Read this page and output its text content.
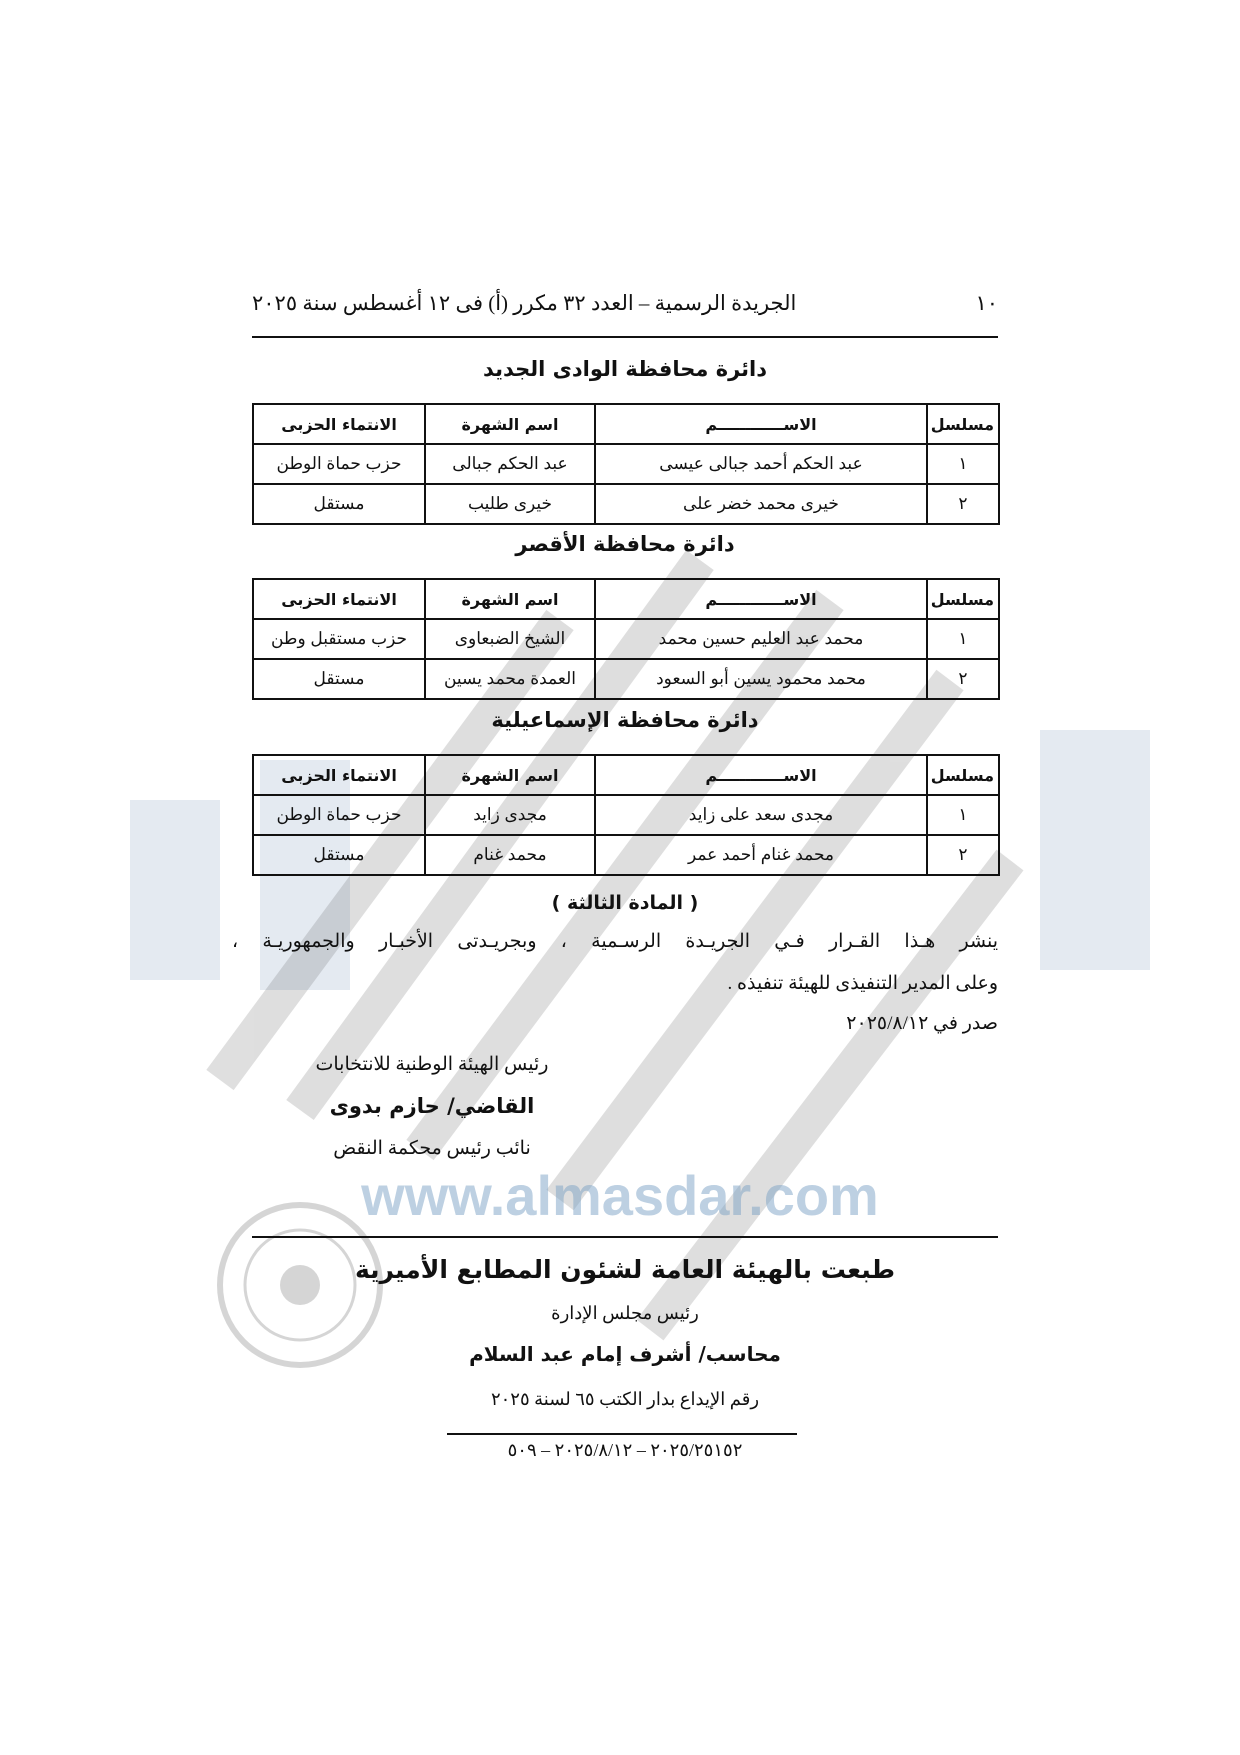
www.almasdar.com
١٠
الجريدة الرسمية – العدد ٣٢ مكرر (أ) فى ١٢ أغسطس سنة ٢٠٢٥
دائرة محافظة الوادى الجديد
مسلسل	الاســــــــــــم	اسم الشهرة	الانتماء الحزبى
١	عبد الحكم أحمد جبالى عيسى	عبد الحكم جبالى	حزب حماة الوطن
٢	خيرى محمد خضر على	خيرى طليب	مستقل
دائرة محافظة الأقصر
مسلسل	الاســــــــــــم	اسم الشهرة	الانتماء الحزبى
١	محمد عبد العليم حسين محمد	الشيخ الضبعاوى	حزب مستقبل وطن
٢	محمد محمود يسين أبو السعود	العمدة محمد يسين	مستقل
دائرة محافظة الإسماعيلية
مسلسل	الاســــــــــــم	اسم الشهرة	الانتماء الحزبى
١	مجدى سعد على زايد	مجدى زايد	حزب حماة الوطن
٢	محمد غنام أحمد عمر	محمد غنام	مستقل
( المادة الثالثة )
ينشر هـذا القـرار فـي الجريـدة الرسـمية ، وبجريـدتى الأخبـار والجمهوريـة ،
وعلى المدير التنفيذى للهيئة تنفيذه .
صدر في ٢٠٢٥/٨/١٢
رئيس الهيئة الوطنية للانتخابات
القاضي/ حازم بدوى
نائب رئيس محكمة النقض
طبعت بالهيئة العامة لشئون المطابع الأميرية
رئيس مجلس الإدارة
محاسب/ أشرف إمام عبد السلام
رقم الإيداع بدار الكتب ٦٥ لسنة ٢٠٢٥
٢٠٢٥/٢٥١٥٢ – ٢٠٢٥/٨/١٢ – ٥٠٩
